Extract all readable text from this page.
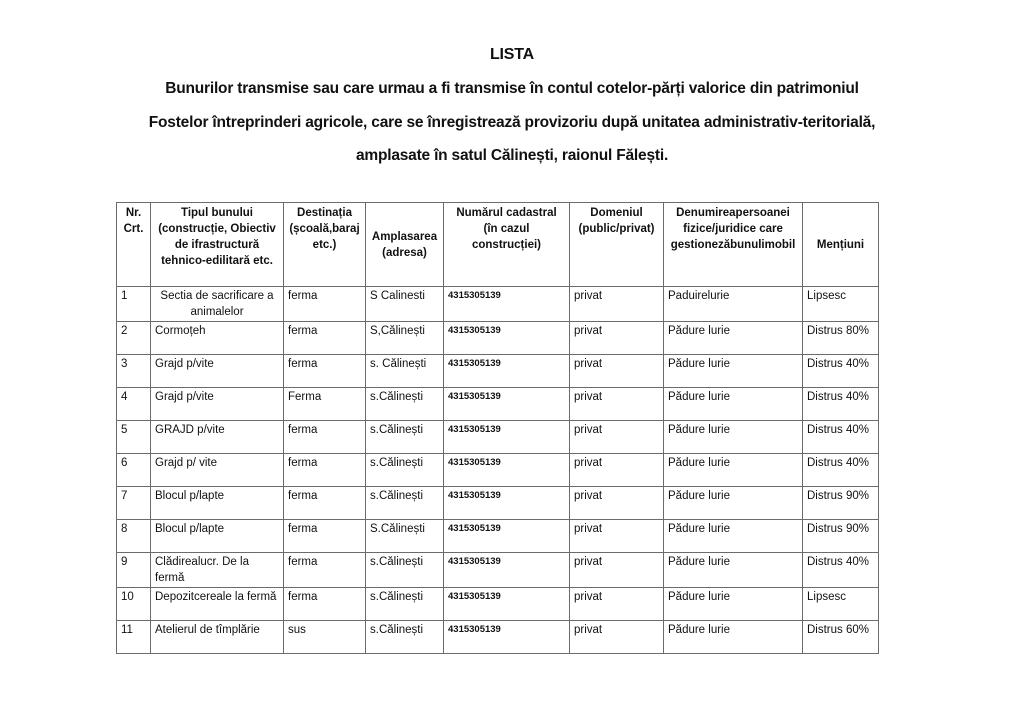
LISTA
Bunurilor transmise sau care urmau a fi transmise în contul cotelor-părți valorice din patrimoniul
Fostelor întreprinderi agricole, care se înregistrează provizoriu după unitatea administrativ-teritorială,
amplasate în satul Călinești, raionul Fălești.
Nr. Crt.	Tipul bunului (construcție, Obiectiv de ifrastructură tehnico-edilitară etc.	Destinația (școală,baraj etc.)	Amplasarea (adresa)	Numărul cadastral (în cazul construcției)	Domeniul (public/privat)	Denumireapersoanei fizice/juridice care gestionezăbunulimobil	Mențiuni
1	Sectia de sacrificare a animalelor	ferma	S Calinesti	4315305139	privat	Paduirelurie	Lipsesc
2	Cormoțeh	ferma	S,Călinești	4315305139	privat	Pădure lurie	Distrus 80%
3	Grajd p/vite	ferma	s. Călinești	4315305139	privat	Pădure lurie	Distrus 40%
4	Grajd p/vite	Ferma	s.Călinești	4315305139	privat	Pădure lurie	Distrus 40%
5	GRAJD p/vite	ferma	s.Călinești	4315305139	privat	Pădure lurie	Distrus 40%
6	Grajd p/ vite	ferma	s.Călinești	4315305139	privat	Pădure lurie	Distrus 40%
7	Blocul p/lapte	ferma	s.Călinești	4315305139	privat	Pădure lurie	Distrus 90%
8	Blocul p/lapte	ferma	S.Călinești	4315305139	privat	Pădure lurie	Distrus 90%
9	Clădirealucr. De la fermă	ferma	s.Călinești	4315305139	privat	Pădure lurie	Distrus 40%
10	Depozitcereale la fermă	ferma	s.Călinești	4315305139	privat	Pădure lurie	Lipsesc
11	Atelierul de tîmplărie	sus	s.Călinești	4315305139	privat	Pădure lurie	Distrus 60%
